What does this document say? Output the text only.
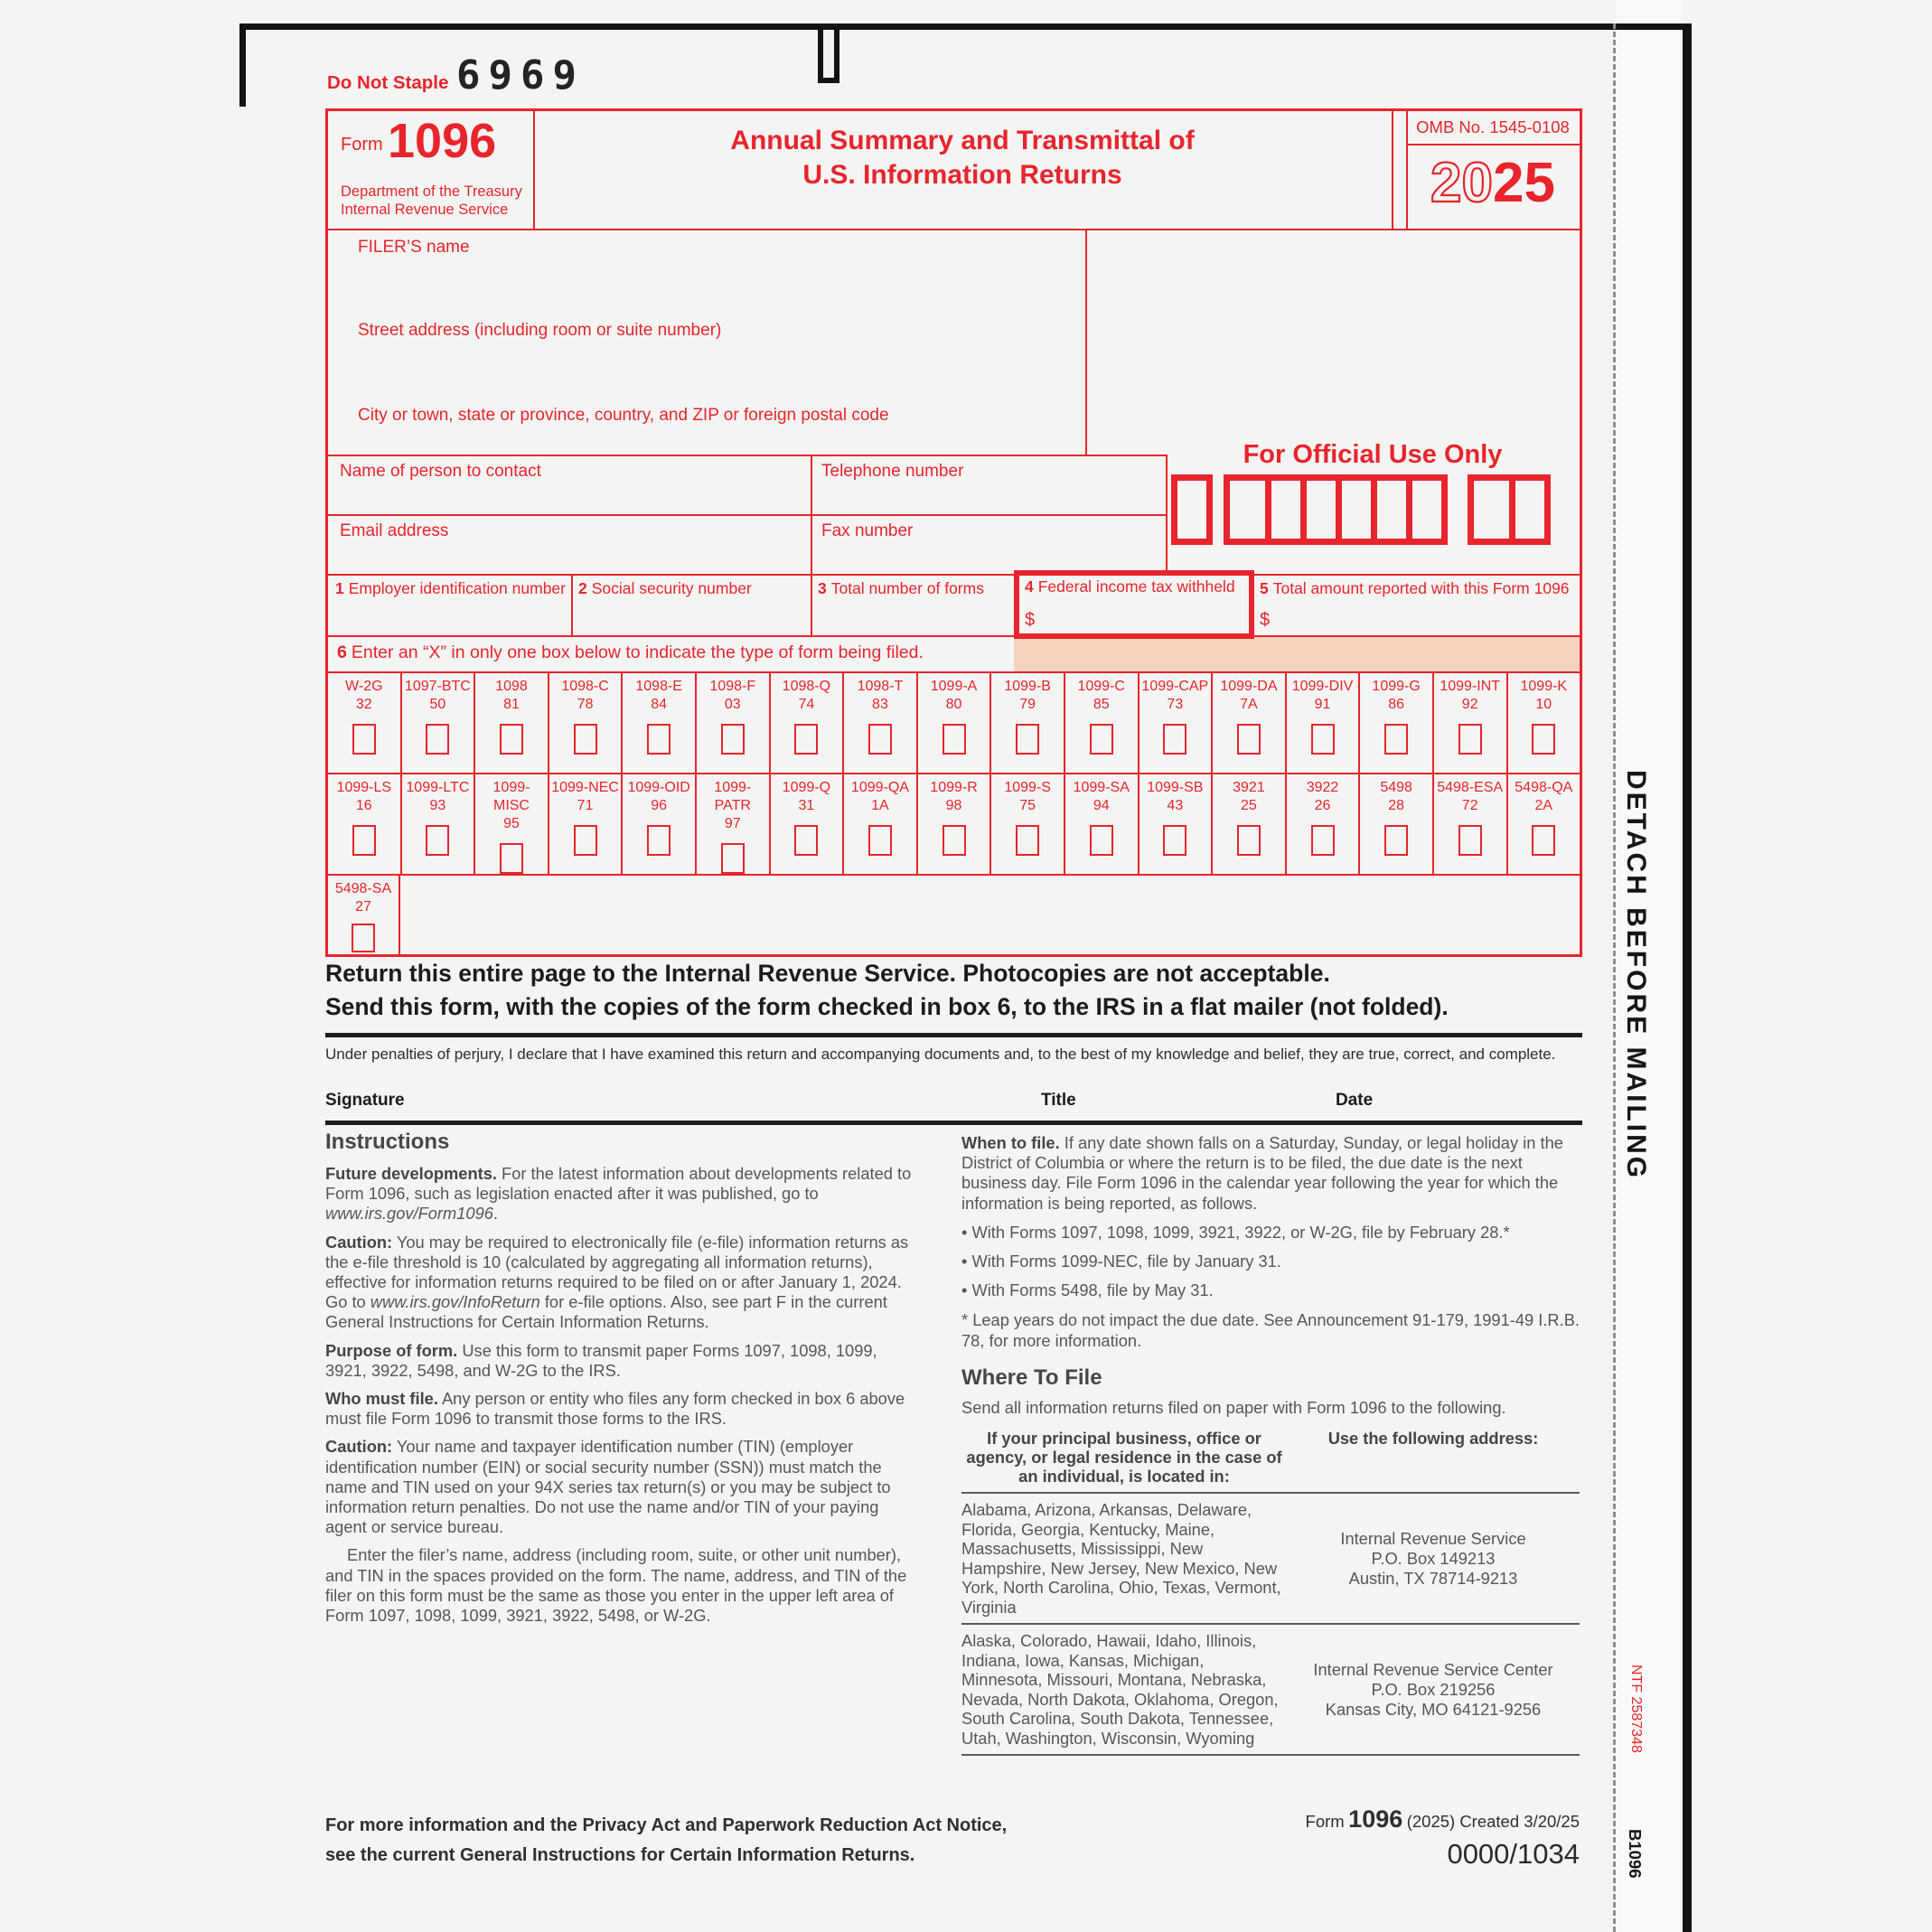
DETACH BEFORE MAILING
NTF 2587348
B1096
Do Not Staple 6969
Form 1096
Department of the Treasury
Internal Revenue Service
Annual Summary and Transmittal of
U.S. Information Returns
OMB No. 1545-0108
2025
FILER’S name
Street address (including room or suite number)
City or town, state or province, country, and ZIP or foreign postal code
Name of person to contact	Telephone number
Email address	Fax number
For Official Use Only
1 Employer identification number 2 Social security number	3 Total number of forms	4 Federal income tax withheld
$
5 Total amount reported with this Form 1096
$
6 Enter an “X” in only one box below to indicate the type of form being filed.
W-2G
32
1097-BTC
50
1098
81
1098-C
78
1098-E
84
1098-F
03
1098-Q
74
1098-T
83
1099-A
80
1099-B
79
1099-C
85
1099-CAP
73
1099-DA
7A
1099-DIV
91
1099-G
86
1099-INT
92
1099-K
10
1099-LS
16
1099-LTC
93
1099-MISC
95
1099-NEC
71
1099-OID
96
1099-PATR
97
1099-Q
31
1099-QA
1A
1099-R
98
1099-S
75
1099-SA
94
1099-SB
43
3921
25
3922
26
5498
28
5498-ESA
72
5498-QA
2A
5498-SA
27
Return this entire page to the Internal Revenue Service. Photocopies are not acceptable.
Send this form, with the copies of the form checked in box 6, to the IRS in a flat mailer (not folded).
Under penalties of perjury, I declare that I have examined this return and accompanying documents and, to the best of my knowledge and belief, they are true, correct, and complete.
Signature	Title	Date
Instructions

Future developments. For the latest information about developments related to Form 1096, such as legislation enacted after it was published, go to www.irs.gov/Form1096.

Caution: You may be required to electronically file (e-file) information returns as the e-file threshold is 10 (calculated by aggregating all information returns), effective for information returns required to be filed on or after January 1, 2024. Go to www.irs.gov/InfoReturn for e-file options. Also, see part F in the current General Instructions for Certain Information Returns.

Purpose of form. Use this form to transmit paper Forms 1097, 1098, 1099, 3921, 3922, 5498, and W-2G to the IRS.

Who must file. Any person or entity who files any form checked in box 6 above must file Form 1096 to transmit those forms to the IRS.

Caution: Your name and taxpayer identification number (TIN) (employer identification number (EIN) or social security number (SSN)) must match the name and TIN used on your 94X series tax return(s) or you may be subject to information return penalties. Do not use the name and/or TIN of your paying agent or service bureau.

Enter the filer’s name, address (including room, suite, or other unit number), and TIN in the spaces provided on the form. The name, address, and TIN of the filer on this form must be the same as those you enter in the upper left area of Form 1097, 1098, 1099, 3921, 3922, 5498, or W-2G.

When to file. If any date shown falls on a Saturday, Sunday, or legal holiday in the District of Columbia or where the return is to be filed, the due date is the next business day. File Form 1096 in the calendar year following the year for which the information is being reported, as follows.

• With Forms 1097, 1098, 1099, 3921, 3922, or W-2G, file by February 28.*
• With Forms 1099-NEC, file by January 31.
• With Forms 5498, file by May 31.

* Leap years do not impact the due date. See Announcement 91-179, 1991-49 I.R.B. 78, for more information.

Where To File

Send all information returns filed on paper with Form 1096 to the following.

If your principal business, office or agency, or legal residence in the case of an individual, is located in:
Use the following address:
Alabama, Arizona, Arkansas, Delaware, Florida, Georgia, Kentucky, Maine, Massachusetts, Mississippi, New Hampshire, New Jersey, New Mexico, New York, North Carolina, Ohio, Texas, Vermont, Virginia
Internal Revenue Service
P.O. Box 149213
Austin, TX 78714-9213
Alaska, Colorado, Hawaii, Idaho, Illinois, Indiana, Iowa, Kansas, Michigan, Minnesota, Missouri, Montana, Nebraska, Nevada, North Dakota, Oklahoma, Oregon, South Carolina, South Dakota, Tennessee, Utah, Washington, Wisconsin, Wyoming
Internal Revenue Service Center
P.O. Box 219256
Kansas City, MO 64121-9256
For more information and the Privacy Act and Paperwork Reduction Act Notice,
see the current General Instructions for Certain Information Returns.
Form 1096 (2025) Created 3/20/25
0000/1034
